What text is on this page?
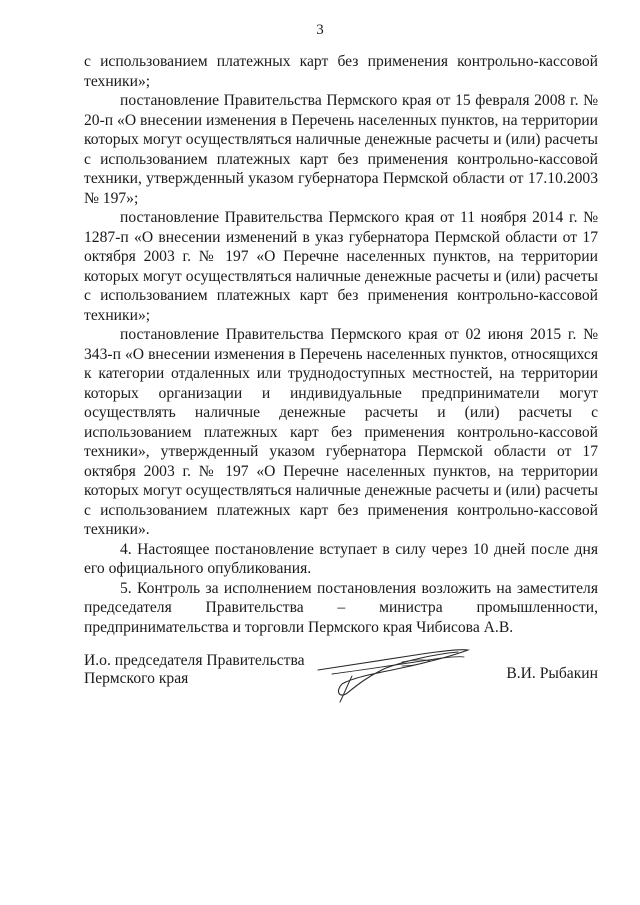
3

с использованием платежных карт без применения контрольно-кассовой техники»;

постановление Правительства Пермского края от 15 февраля 2008 г. № 20-п «О внесении изменения в Перечень населенных пунктов, на территории которых могут осуществляться наличные денежные расчеты и (или) расчеты с использованием платежных карт без применения контрольно-кассовой техники, утвержденный указом губернатора Пермской области от 17.10.2003 № 197»;

постановление Правительства Пермского края от 11 ноября 2014 г. № 1287-п «О внесении изменений в указ губернатора Пермской области от 17 октября 2003 г. № 197 «О Перечне населенных пунктов, на территории которых могут осуществляться наличные денежные расчеты и (или) расчеты с использованием платежных карт без применения контрольно-кассовой техники»;

постановление Правительства Пермского края от 02 июня 2015 г. № 343-п «О внесении изменения в Перечень населенных пунктов, относящихся к категории отдаленных или труднодоступных местностей, на территории которых организации и индивидуальные предприниматели могут осуществлять наличные денежные расчеты и (или) расчеты с использованием платежных карт без применения контрольно-кассовой техники», утвержденный указом губернатора Пермской области от 17 октября 2003 г. № 197 «О Перечне населенных пунктов, на территории которых могут осуществляться наличные денежные расчеты и (или) расчеты с использованием платежных карт без применения контрольно-кассовой техники».

4. Настоящее постановление вступает в силу через 10 дней после дня его официального опубликования.

5. Контроль за исполнением постановления возложить на заместителя председателя Правительства – министра промышленности, предпринимательства и торговли Пермского края Чибисова А.В.

И.о. председателя Правительства
Пермского края	В.И. Рыбакин
